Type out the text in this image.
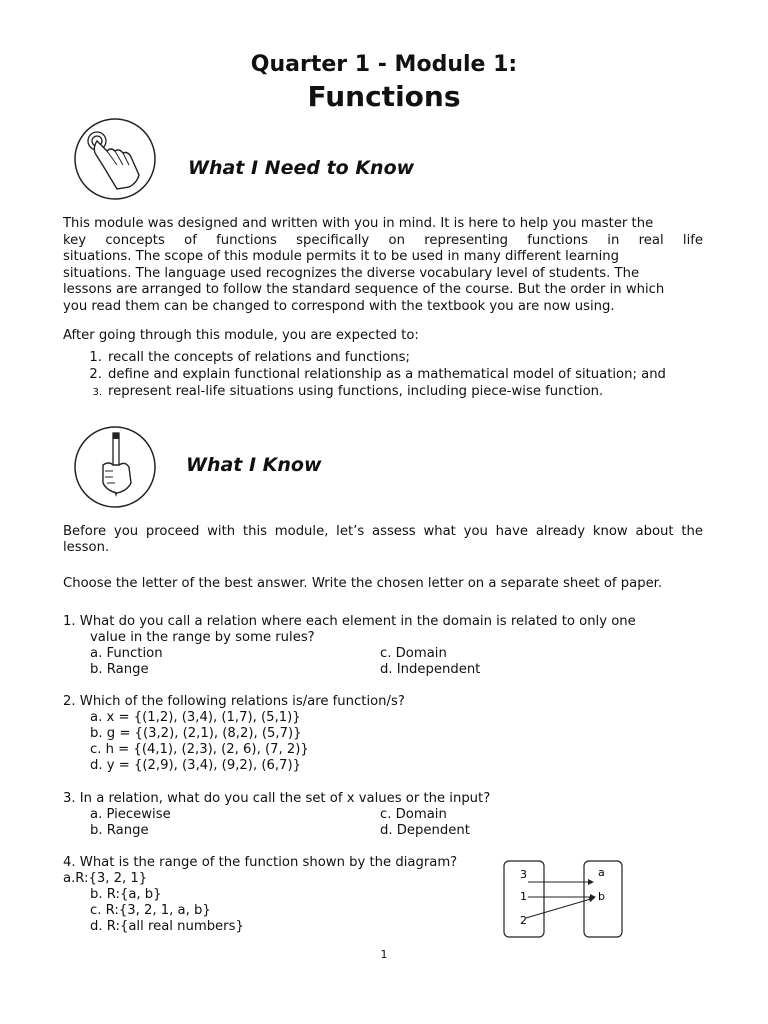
Quarter 1 - Module 1:
Functions
What I Need to Know
This module was designed and written with you in mind. It is here to help you master the
key concepts of functions specifically on representing functions in real life
situations. The scope of this module permits it to be used in many different learning
situations. The language used recognizes the diverse vocabulary level of students. The
lessons are arranged to follow the standard sequence of the course. But the order in which
you read them can be changed to correspond with the textbook you are now using.
After going through this module, you are expected to:
1. recall the concepts of relations and functions;
2. define and explain functional relationship as a mathematical model of situation; and
3. represent real-life situations using functions, including piece-wise function.
What I Know
Before you proceed with this module, let’s assess what you have already know about the
lesson.
Choose the letter of the best answer. Write the chosen letter on a separate sheet of paper.
1. What do you call a relation where each element in the domain is related to only one
value in the range by some rules?
a. Function	c. Domain
b. Range	d. Independent
2. Which of the following relations is/are function/s?
a. x = {(1,2), (3,4), (1,7), (5,1)}
b. g = {(3,2), (2,1), (8,2), (5,7)}
c. h = {(4,1), (2,3), (2, 6), (7, 2)}
d. y = {(2,9), (3,4), (9,2), (6,7)}
3. In a relation, what do you call the set of x values or the input?
a. Piecewise	c. Domain
b. Range	d. Dependent
4. What is the range of the function shown by the diagram?
a.R:{3, 2, 1}
b. R:{a, b}
c. R:{3, 2, 1, a, b}
d. R:{all real numbers}
3
1
2
a
b
1
